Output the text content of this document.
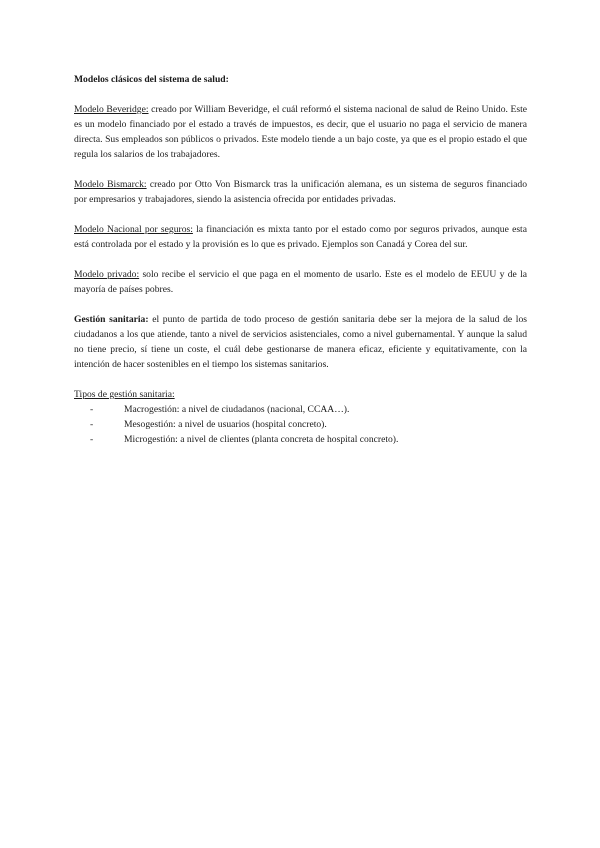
Modelos clásicos del sistema de salud:
Modelo Beveridge: creado por William Beveridge, el cuál reformó el sistema nacional de salud de Reino Unido. Este es un modelo financiado por el estado a través de impuestos, es decir, que el usuario no paga el servicio de manera directa. Sus empleados son públicos o privados. Este modelo tiende a un bajo coste, ya que es el propio estado el que regula los salarios de los trabajadores.
Modelo Bismarck: creado por Otto Von Bismarck tras la unificación alemana, es un sistema de seguros financiado por empresarios y trabajadores, siendo la asistencia ofrecida por entidades privadas.
Modelo Nacional por seguros: la financiación es mixta tanto por el estado como por seguros privados, aunque esta está controlada por el estado y la provisión es lo que es privado. Ejemplos son Canadá y Corea del sur.
Modelo privado: solo recibe el servicio el que paga en el momento de usarlo. Este es el modelo de EEUU y de la mayoría de países pobres.
Gestión sanitaria: el punto de partida de todo proceso de gestión sanitaria debe ser la mejora de la salud de los ciudadanos a los que atiende, tanto a nivel de servicios asistenciales, como a nivel gubernamental. Y aunque la salud no tiene precio, sí tiene un coste, el cuál debe gestionarse de manera eficaz, eficiente y equitativamente, con la intención de hacer sostenibles en el tiempo los sistemas sanitarios.
Tipos de gestión sanitaria:
-	Macrogestión: a nivel de ciudadanos (nacional, CCAA…).
-	Mesogestión: a nivel de usuarios (hospital concreto).
-	Microgestión: a nivel de clientes (planta concreta de hospital concreto).
